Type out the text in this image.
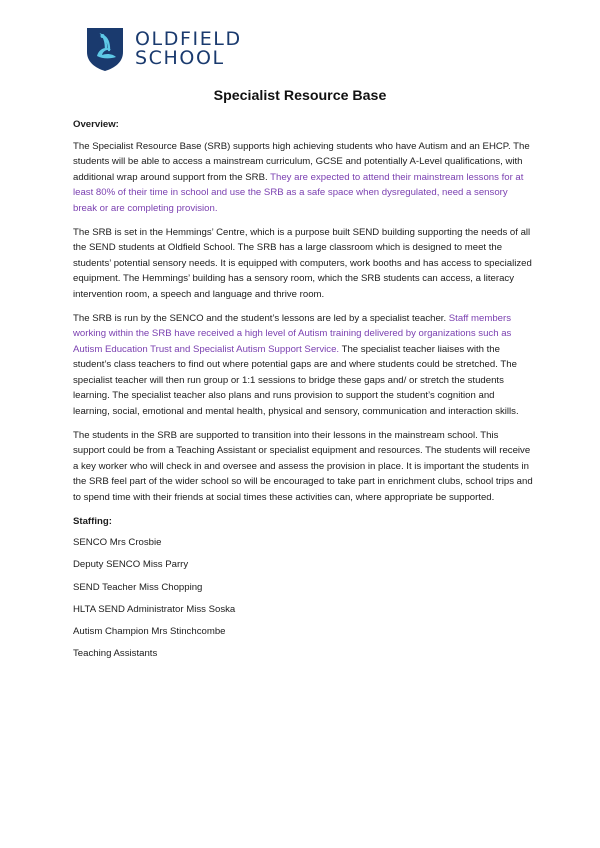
OLDFIELD
SCHOOL
Specialist Resource Base
Overview:

The Specialist Resource Base (SRB) supports high achieving students who have Autism and an EHCP. The students will be able to access a mainstream curriculum, GCSE and potentially A-Level qualifications, with additional wrap around support from the SRB. They are expected to attend their mainstream lessons for at least 80% of their time in school and use the SRB as a safe space when dysregulated, need a sensory break or are completing provision.

The SRB is set in the Hemmings’ Centre, which is a purpose built SEND building supporting the needs of all the SEND students at Oldfield School. The SRB has a large classroom which is designed to meet the students’ potential sensory needs. It is equipped with computers, work booths and has access to specialized equipment. The Hemmings’ building has a sensory room, which the SRB students can access, a literacy intervention room, a speech and language and thrive room.

The SRB is run by the SENCO and the student’s lessons are led by a specialist teacher. Staff members working within the SRB have received a high level of Autism training delivered by organizations such as Autism Education Trust and Specialist Autism Support Service. The specialist teacher liaises with the student’s class teachers to find out where potential gaps are and where students could be stretched. The specialist teacher will then run group or 1:1 sessions to bridge these gaps and/ or stretch the students learning. The specialist teacher also plans and runs provision to support the student’s cognition and learning, social, emotional and mental health, physical and sensory, communication and interaction skills.

The students in the SRB are supported to transition into their lessons in the mainstream school. This support could be from a Teaching Assistant or specialist equipment and resources. The students will receive a key worker who will check in and oversee and assess the provision in place. It is important the students in the SRB feel part of the wider school so will be encouraged to take part in enrichment clubs, school trips and to spend time with their friends at social times these activities can, where appropriate be supported.

Staffing:
SENCO Mrs Crosbie
Deputy SENCO Miss Parry
SEND Teacher Miss Chopping
HLTA SEND Administrator Miss Soska
Autism Champion Mrs Stinchcombe
Teaching Assistants
